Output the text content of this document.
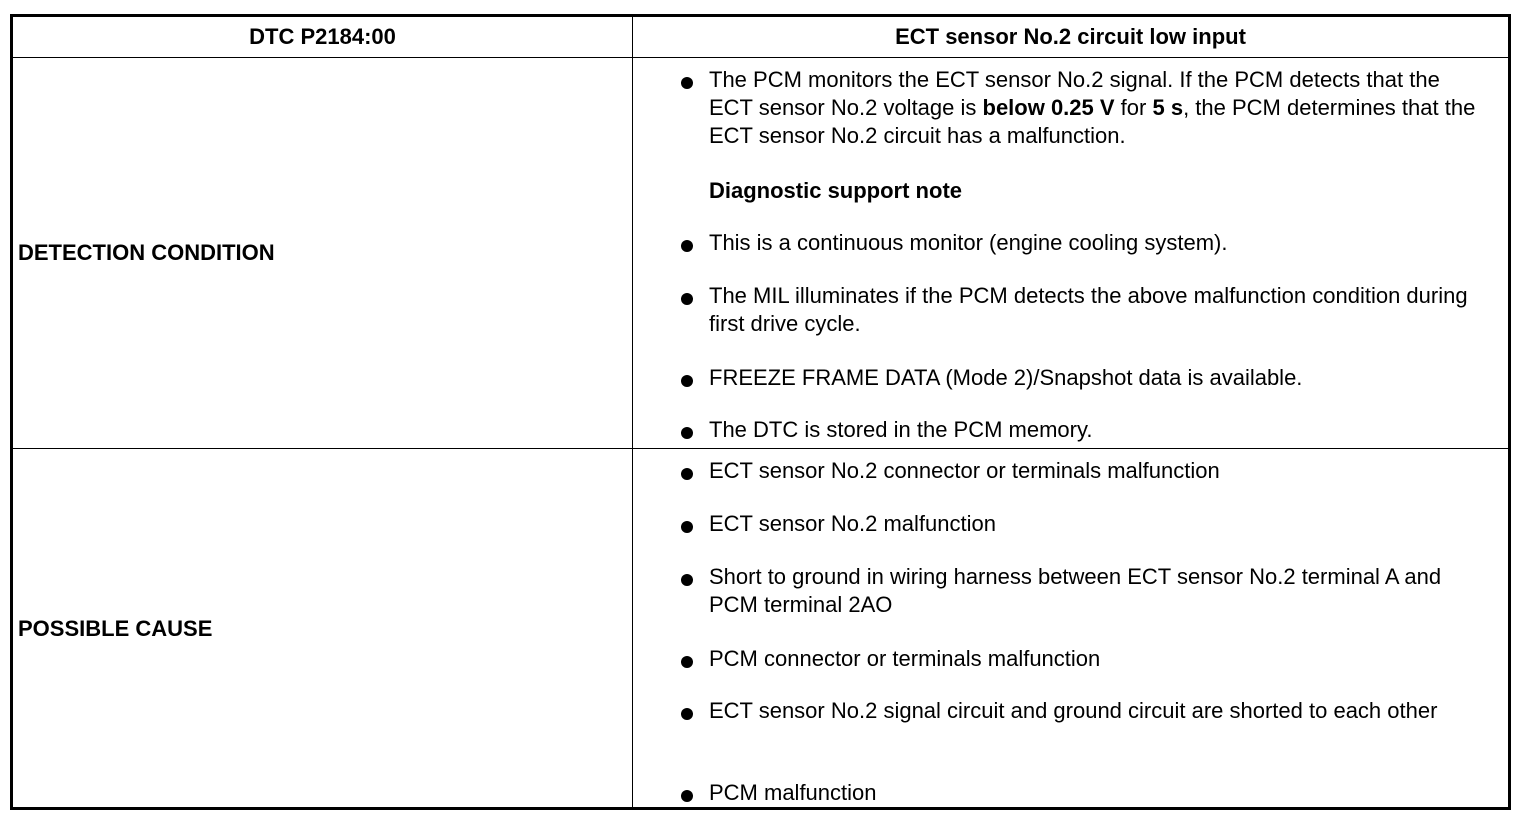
DTC P2184:00	ECT sensor No.2 circuit low input
DETECTION CONDITION
POSSIBLE CAUSE
The PCM monitors the ECT sensor No.2 signal. If the PCM detects that the ECT sensor No.2 voltage is below 0.25 V for 5 s, the PCM determines that the ECT sensor No.2 circuit has a malfunction.
Diagnostic support note
This is a continuous monitor (engine cooling system).
The MIL illuminates if the PCM detects the above malfunction condition during first drive cycle.
FREEZE FRAME DATA (Mode 2)/Snapshot data is available.
The DTC is stored in the PCM memory.
ECT sensor No.2 connector or terminals malfunction
ECT sensor No.2 malfunction
Short to ground in wiring harness between ECT sensor No.2 terminal A and PCM terminal 2AO
PCM connector or terminals malfunction
ECT sensor No.2 signal circuit and ground circuit are shorted to each other
PCM malfunction
